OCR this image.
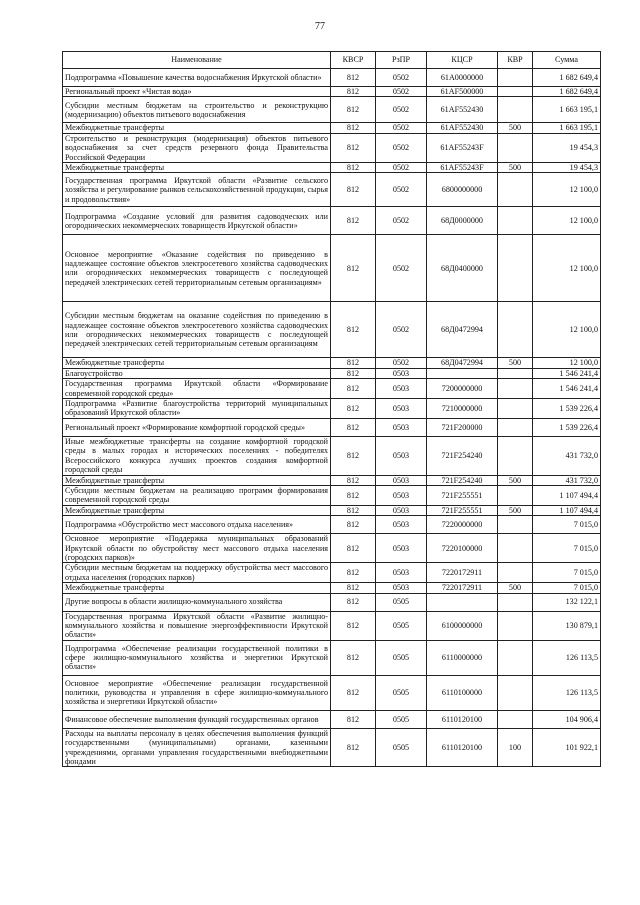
77
Наименование	КВСР	РзПР	КЦСР	КВР	Сумма
Подпрограмма «Повышение качества водоснабжения Иркутской области»	812	0502	61А0000000		1 682 649,4
Региональный проект «Чистая вода»	812	0502	61АF500000		1 682 649,4
Субсидии местным бюджетам на строительство и реконструкцию (модернизацию) объектов питьевого водоснабжения	812	0502	61АF552430		1 663 195,1
Межбюджетные трансферты	812	0502	61АF552430	500	1 663 195,1
Строительство и реконструкция (модернизация) объектов питьевого водоснабжения за счет средств резервного фонда Правительства Российской Федерации	812	0502	61АF55243F		19 454,3
Межбюджетные трансферты	812	0502	61АF55243F	500	19 454,3
Государственная программа Иркутской области «Развитие сельского хозяйства и регулирование рынков сельскохозяйственной продукции, сырья и продовольствия»	812	0502	6800000000		12 100,0
Подпрограмма «Создание условий для развития садоводческих или огороднических некоммерческих товариществ Иркутской области»	812	0502	68Д0000000		12 100,0
Основное мероприятие «Оказание содействия по приведению в надлежащее состояние объектов электросетевого хозяйства садоводческих или огороднических некоммерческих товариществ с последующей передачей электрических сетей территориальным сетевым организациям»	812	0502	68Д0400000		12 100,0
Субсидии местным бюджетам на оказание содействия по приведению в надлежащее состояние объектов электросетевого хозяйства садоводческих или огороднических некоммерческих товариществ с последующей передачей электрических сетей территориальным сетевым организациям	812	0502	68Д0472994		12 100,0
Межбюджетные трансферты	812	0502	68Д0472994	500	12 100,0
Благоустройство	812	0503			1 546 241,4
Государственная программа Иркутской области «Формирование современной городской среды»	812	0503	7200000000		1 546 241,4
Подпрограмма «Развитие благоустройства территорий муниципальных образований Иркутской области»	812	0503	7210000000		1 539 226,4
Региональный проект «Формирование комфортной городской среды»	812	0503	721F200000		1 539 226,4
Иные межбюджетные трансферты на создание комфортной городской среды в малых городах и исторических поселениях - победителях Всероссийского конкурса лучших проектов создания комфортной городской среды	812	0503	721F254240		431 732,0
Межбюджетные трансферты	812	0503	721F254240	500	431 732,0
Субсидии местным бюджетам на реализацию программ формирования современной городской среды	812	0503	721F255551		1 107 494,4
Межбюджетные трансферты	812	0503	721F255551	500	1 107 494,4
Подпрограмма «Обустройство мест массового отдыха населения»	812	0503	7220000000		7 015,0
Основное мероприятие «Поддержка муниципальных образований Иркутской области по обустройству мест массового отдыха населения (городских парков)»	812	0503	7220100000		7 015,0
Субсидии местным бюджетам на поддержку обустройства мест массового отдыха населения (городских парков)	812	0503	7220172911		7 015,0
Межбюджетные трансферты	812	0503	7220172911	500	7 015,0
Другие вопросы в области жилищно-коммунального хозяйства	812	0505			132 122,1
Государственная программа Иркутской области «Развитие жилищно-коммунального хозяйства и повышение энергоэффективности Иркутской области»	812	0505	6100000000		130 879,1
Подпрограмма «Обеспечение реализации государственной политики в сфере жилищно-коммунального хозяйства и энергетики Иркутской области»	812	0505	6110000000		126 113,5
Основное мероприятие «Обеспечение реализации государственной политики, руководства и управления в сфере жилищно-коммунального хозяйства и энергетики Иркутской области»	812	0505	6110100000		126 113,5
Финансовое обеспечение выполнения функций государственных органов	812	0505	6110120100		104 906,4
Расходы на выплаты персоналу в целях обеспечения выполнения функций государственными (муниципальными) органами, казенными учреждениями, органами управления государственными внебюджетными фондами	812	0505	6110120100	100	101 922,1
